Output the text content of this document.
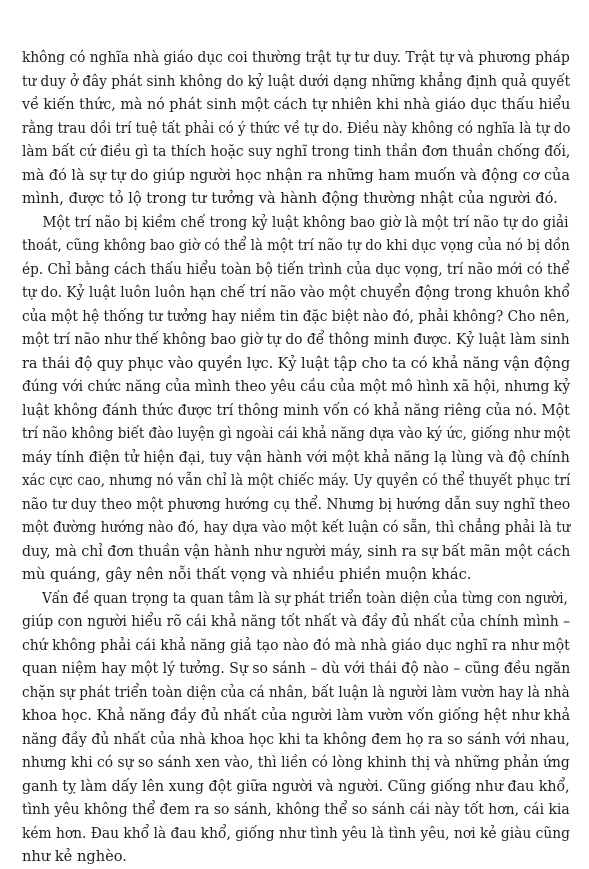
không có nghĩa nhà giáo dục coi thường trật tự tư duy. Trật tự và phương pháp
tư duy ở đây phát sinh không do kỷ luật dưới dạng những khẳng định quả quyết
về kiến thức, mà nó phát sinh một cách tự nhiên khi nhà giáo dục thấu hiểu
rằng trau dồi trí tuệ tất phải có ý thức về tự do. Điều này không có nghĩa là tự do
làm bất cứ điều gì ta thích hoặc suy nghĩ trong tinh thần đơn thuần chống đối,
mà đó là sự tự do giúp người học nhận ra những ham muốn và động cơ của
mình, được tỏ lộ trong tư tưởng và hành động thường nhật của người đó.
Một trí não bị kiềm chế trong kỷ luật không bao giờ là một trí não tự do giải
thoát, cũng không bao giờ có thể là một trí não tự do khi dục vọng của nó bị dồn
ép. Chỉ bằng cách thấu hiểu toàn bộ tiến trình của dục vọng, trí não mới có thể
tự do. Kỷ luật luôn luôn hạn chế trí não vào một chuyển động trong khuôn khổ
của một hệ thống tư tưởng hay niềm tin đặc biệt nào đó, phải không? Cho nên,
một trí não như thế không bao giờ tự do để thông minh được. Kỷ luật làm sinh
ra thái độ quy phục vào quyền lực. Kỷ luật tập cho ta có khả năng vận động
đúng với chức năng của mình theo yêu cầu của một mô hình xã hội, nhưng kỷ
luật không đánh thức được trí thông minh vốn có khả năng riêng của nó. Một
trí não không biết đào luyện gì ngoài cái khả năng dựa vào ký ức, giống như một
máy tính điện tử hiện đại, tuy vận hành với một khả năng lạ lùng và độ chính
xác cực cao, nhưng nó vẫn chỉ là một chiếc máy. Uy quyền có thể thuyết phục trí
não tư duy theo một phương hướng cụ thể. Nhưng bị hướng dẫn suy nghĩ theo
một đường hướng nào đó, hay dựa vào một kết luận có sẵn, thì chẳng phải là tư
duy, mà chỉ đơn thuần vận hành như người máy, sinh ra sự bất mãn một cách
mù quáng, gây nên nỗi thất vọng và nhiều phiền muộn khác.
Vấn đề quan trọng ta quan tâm là sự phát triển toàn diện của từng con người,
giúp con người hiểu rõ cái khả năng tốt nhất và đầy đủ nhất của chính mình –
chứ không phải cái khả năng giả tạo nào đó mà nhà giáo dục nghĩ ra như một
quan niệm hay một lý tưởng. Sự so sánh – dù với thái độ nào – cũng đều ngăn
chặn sự phát triển toàn diện của cá nhân, bất luận là người làm vườn hay là nhà
khoa học. Khả năng đầy đủ nhất của người làm vườn vốn giống hệt như khả
năng đầy đủ nhất của nhà khoa học khi ta không đem họ ra so sánh với nhau,
nhưng khi có sự so sánh xen vào, thì liền có lòng khinh thị và những phản ứng
ganh tỵ làm dấy lên xung đột giữa người và người. Cũng giống như đau khổ,
tình yêu không thể đem ra so sánh, không thể so sánh cái này tốt hơn, cái kia
kém hơn. Đau khổ là đau khổ, giống như tình yêu là tình yêu, nơi kẻ giàu cũng
như kẻ nghèo.
